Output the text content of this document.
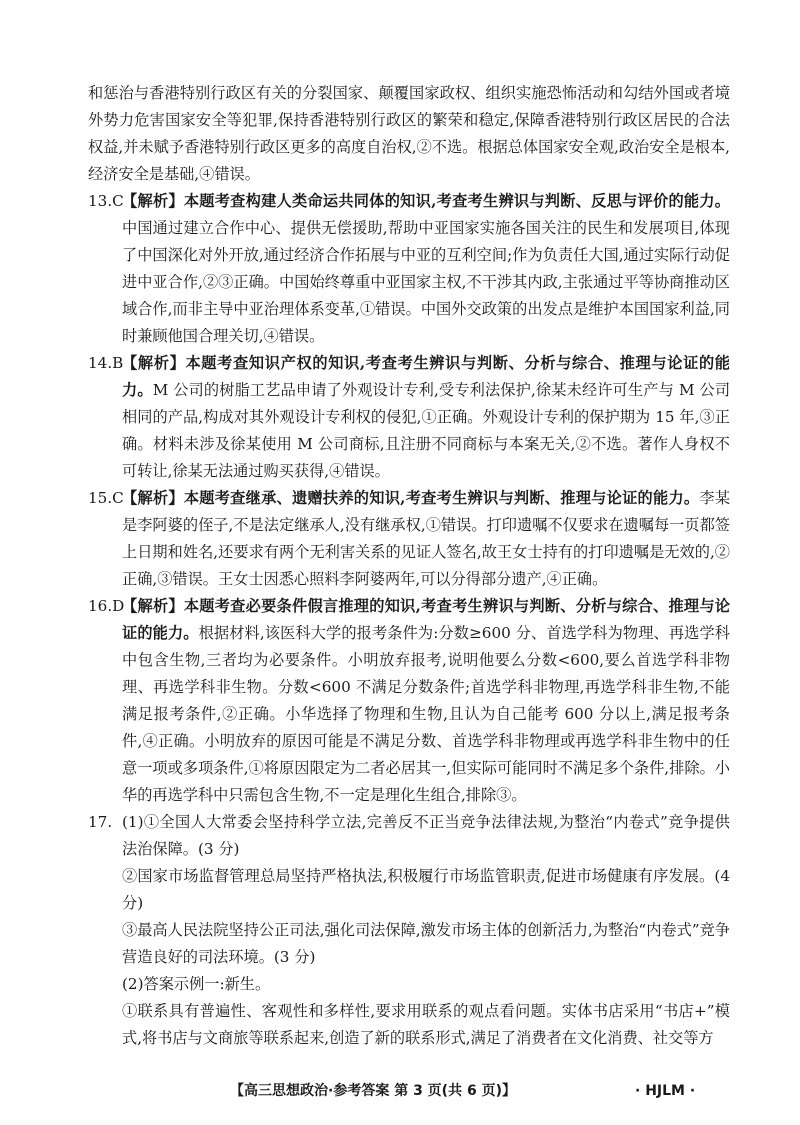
和惩治与香港特别行政区有关的分裂国家、颠覆国家政权、组织实施恐怖活动和勾结外国或者境外势力危害国家安全等犯罪,保持香港特别行政区的繁荣和稳定,保障香港特别行政区居民的合法权益,并未赋予香港特别行政区更多的高度自治权,②不选。根据总体国家安全观,政治安全是根本,经济安全是基础,④错误。

13.C
【解析】本题考查构建人类命运共同体的知识,考查考生辨识与判断、反思与评价的能力。中国通过建立合作中心、提供无偿援助,帮助中亚国家实施各国关注的民生和发展项目,体现了中国深化对外开放,通过经济合作拓展与中亚的互利空间;作为负责任大国,通过实际行动促进中亚合作,②③正确。中国始终尊重中亚国家主权,不干涉其内政,主张通过平等协商推动区域合作,而非主导中亚治理体系变革,①错误。中国外交政策的出发点是维护本国国家利益,同时兼顾他国合理关切,④错误。

14.B
【解析】本题考查知识产权的知识,考查考生辨识与判断、分析与综合、推理与论证的能力。M 公司的树脂工艺品申请了外观设计专利,受专利法保护,徐某未经许可生产与 M 公司相同的产品,构成对其外观设计专利权的侵犯,①正确。外观设计专利的保护期为 15 年,③正确。材料未涉及徐某使用 M 公司商标,且注册不同商标与本案无关,②不选。著作人身权不可转让,徐某无法通过购买获得,④错误。

15.C
【解析】本题考查继承、遗赠扶养的知识,考查考生辨识与判断、推理与论证的能力。李某是李阿婆的侄子,不是法定继承人,没有继承权,①错误。打印遗嘱不仅要求在遗嘱每一页都签上日期和姓名,还要求有两个无利害关系的见证人签名,故王女士持有的打印遗嘱是无效的,②正确,③错误。王女士因悉心照料李阿婆两年,可以分得部分遗产,④正确。

16.D
【解析】本题考查必要条件假言推理的知识,考查考生辨识与判断、分析与综合、推理与论证的能力。根据材料,该医科大学的报考条件为:分数≥600 分、首选学科为物理、再选学科中包含生物,三者均为必要条件。小明放弃报考,说明他要么分数<600,要么首选学科非物理、再选学科非生物。分数<600 不满足分数条件;首选学科非物理,再选学科非生物,不能满足报考条件,②正确。小华选择了物理和生物,且认为自己能考 600 分以上,满足报考条件,④正确。小明放弃的原因可能是不满足分数、首选学科非物理或再选学科非生物中的任意一项或多项条件,①将原因限定为二者必居其一,但实际可能同时不满足多个条件,排除。小华的再选学科中只需包含生物,不一定是理化生组合,排除③。

17. (1)①全国人大常委会坚持科学立法,完善反不正当竞争法律法规,为整治“内卷式”竞争提供法治保障。(3 分)

②国家市场监督管理总局坚持严格执法,积极履行市场监管职责,促进市场健康有序发展。(4 分)

③最高人民法院坚持公正司法,强化司法保障,激发市场主体的创新活力,为整治“内卷式”竞争营造良好的司法环境。(3 分)

(2)答案示例一:新生。

①联系具有普遍性、客观性和多样性,要求用联系的观点看问题。实体书店采用“书店+”模式,将书店与文商旅等联系起来,创造了新的联系形式,满足了消费者在文化消费、社交等方

【高三思想政治·参考答案 第 3 页(共 6 页)】	· HJLM ·
